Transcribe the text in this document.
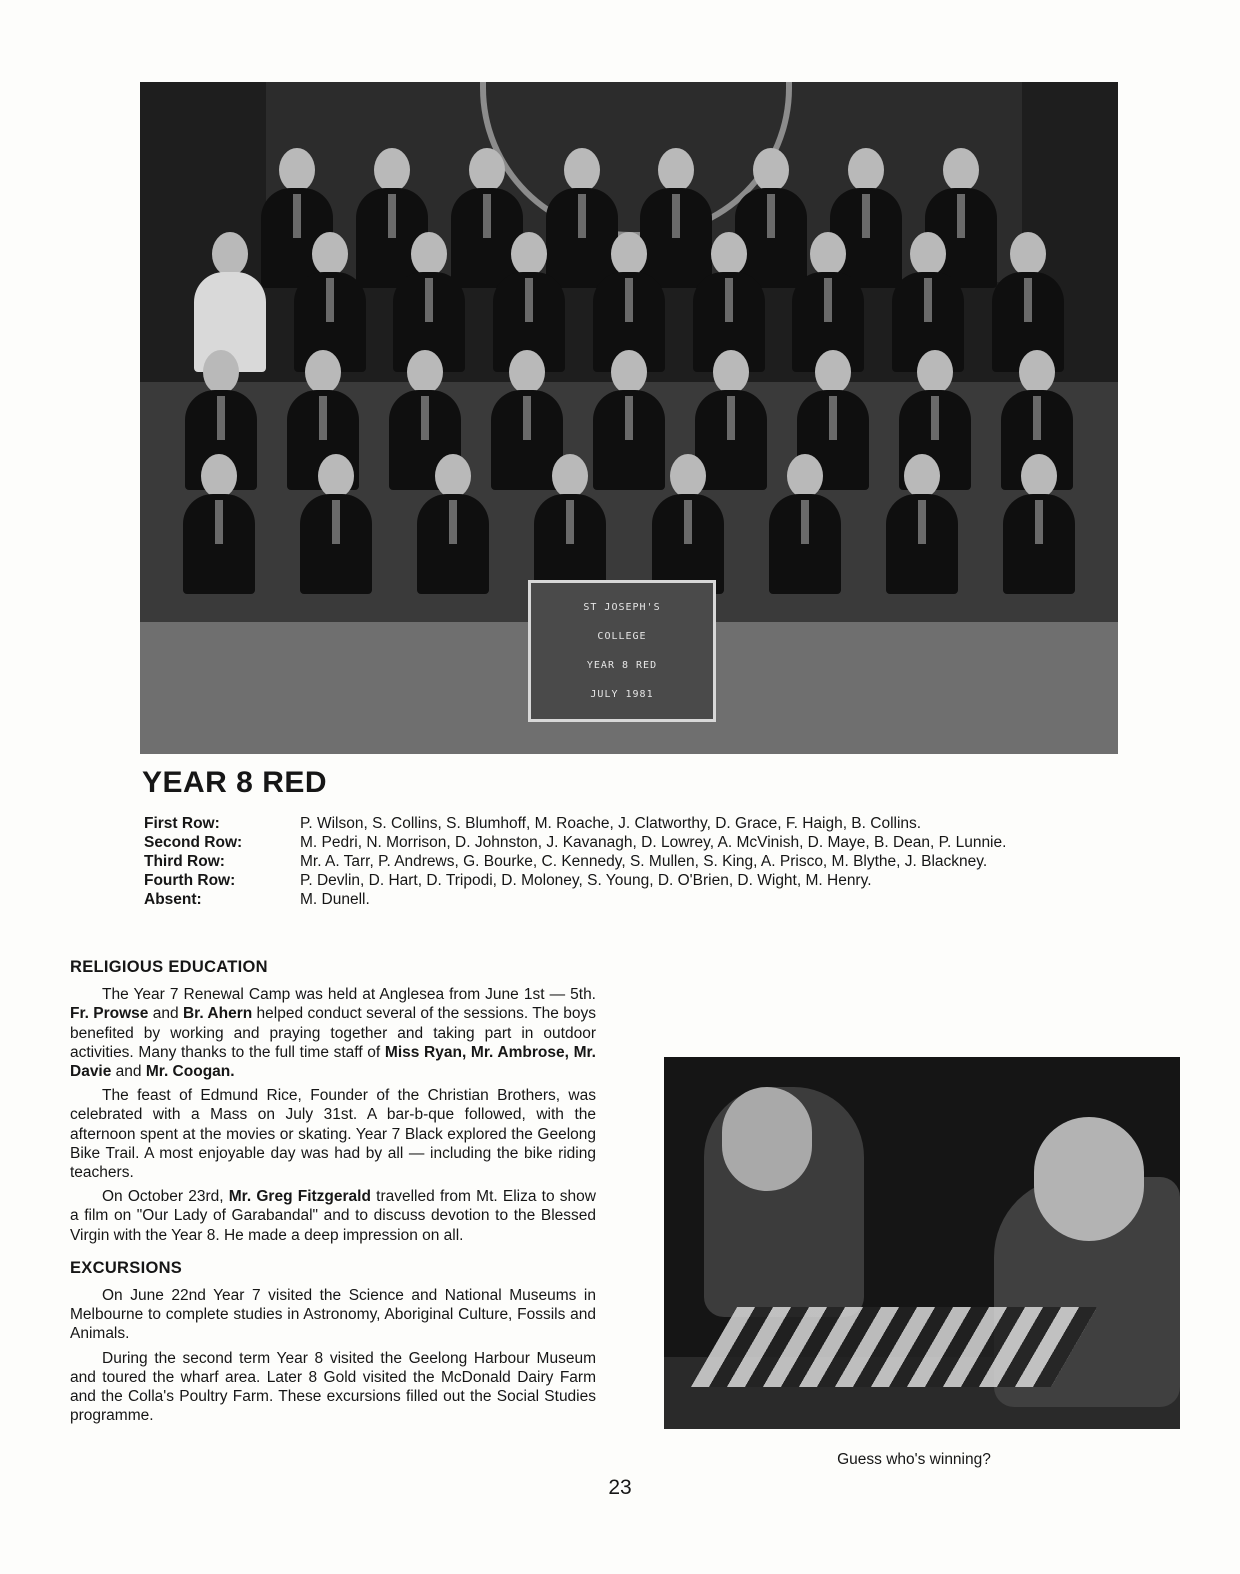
ST JOSEPH'S
COLLEGE
YEAR 8 RED
JULY 1981
YEAR 8 RED
First Row:	P. Wilson, S. Collins, S. Blumhoff, M. Roache, J. Clatworthy, D. Grace, F. Haigh, B. Collins.
Second Row:	M. Pedri, N. Morrison, D. Johnston, J. Kavanagh, D. Lowrey, A. McVinish, D. Maye, B. Dean, P. Lunnie.
Third Row:	Mr. A. Tarr, P. Andrews, G. Bourke, C. Kennedy, S. Mullen, S. King, A. Prisco, M. Blythe, J. Blackney.
Fourth Row:	P. Devlin, D. Hart, D. Tripodi, D. Moloney, S. Young, D. O'Brien, D. Wight, M. Henry.
Absent:	M. Dunell.
RELIGIOUS EDUCATION

The Year 7 Renewal Camp was held at Anglesea from June 1st — 5th. Fr. Prowse and Br. Ahern helped conduct several of the sessions. The boys benefited by working and praying together and taking part in outdoor activities. Many thanks to the full time staff of Miss Ryan, Mr. Ambrose, Mr. Davie and Mr. Coogan.

The feast of Edmund Rice, Founder of the Christian Brothers, was celebrated with a Mass on July 31st. A bar-b-que followed, with the afternoon spent at the movies or skating. Year 7 Black explored the Geelong Bike Trail. A most enjoyable day was had by all — including the bike riding teachers.

On October 23rd, Mr. Greg Fitzgerald travelled from Mt. Eliza to show a film on "Our Lady of Garabandal" and to discuss devotion to the Blessed Virgin with the Year 8. He made a deep impression on all.

EXCURSIONS

On June 22nd Year 7 visited the Science and National Museums in Melbourne to complete studies in Astronomy, Aboriginal Culture, Fossils and Animals.

During the second term Year 8 visited the Geelong Harbour Museum and toured the wharf area. Later 8 Gold visited the McDonald Dairy Farm and the Colla's Poultry Farm. These excursions filled out the Social Studies programme.

Guess who's winning?
23
